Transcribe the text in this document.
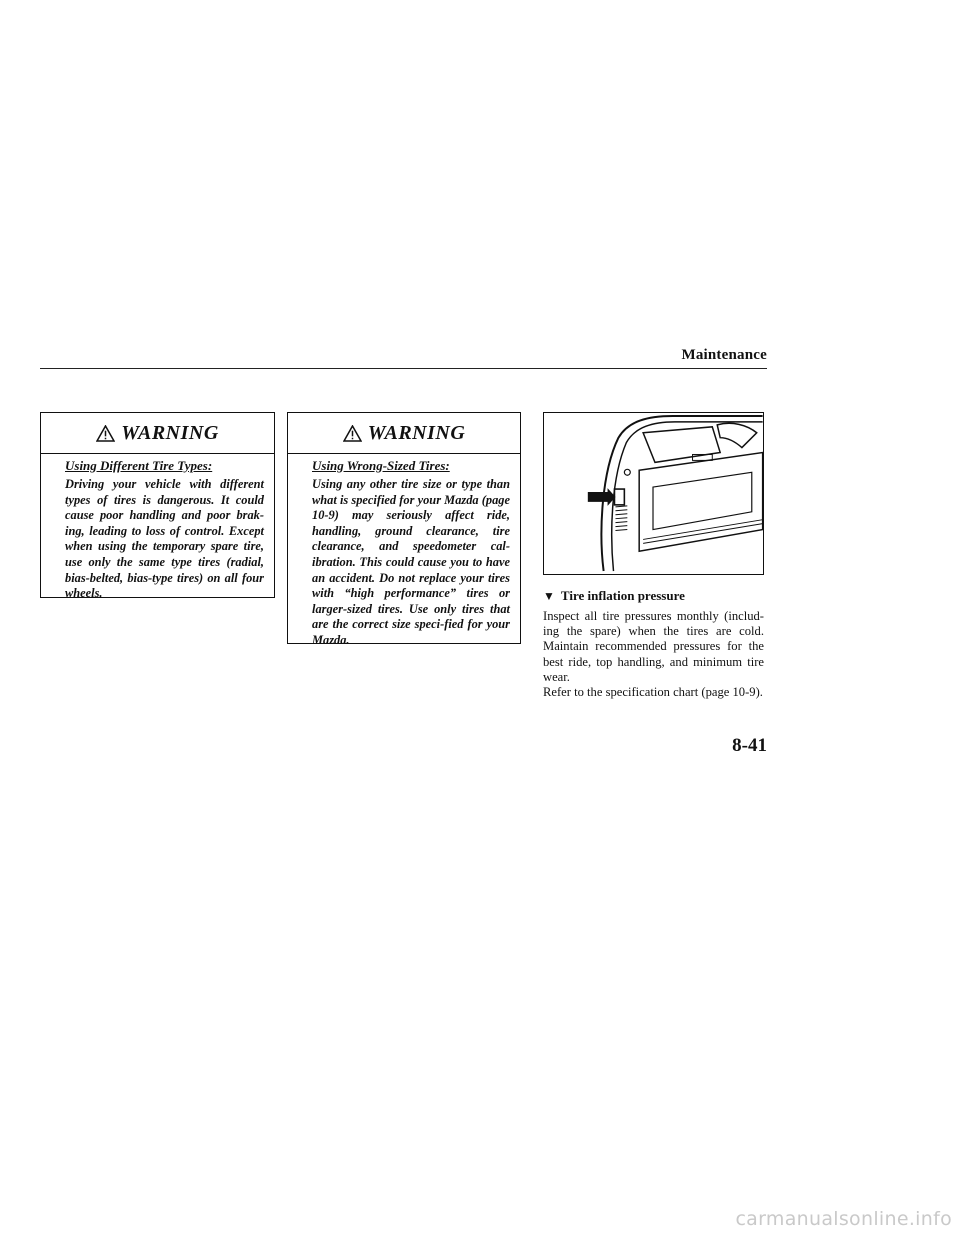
Maintenance
WARNING

Using Different Tire Types:

Driving your vehicle with different types of tires is dangerous. It could cause poor handling and poor brak-ing, leading to loss of control. Except when using the temporary spare tire, use only the same type tires (radial, bias-belted, bias-type tires) on all four wheels.

WARNING

Using Wrong-Sized Tires:

Using any other tire size or type than what is specified for your Mazda (page 10-9) may seriously affect ride, handling, ground clearance, tire clearance, and speedometer cal-ibration. This could cause you to have an accident. Do not replace your tires with “high performance” tires or larger-sized tires. Use only tires that are the correct size speci-fied for your Mazda.

▼ Tire inflation pressure

Inspect all tire pressures monthly (includ-ing the spare) when the tires are cold. Maintain recommended pressures for the best ride, top handling, and minimum tire wear.

Refer to the specification chart (page 10-9).

8-41
carmanualsonline.info
